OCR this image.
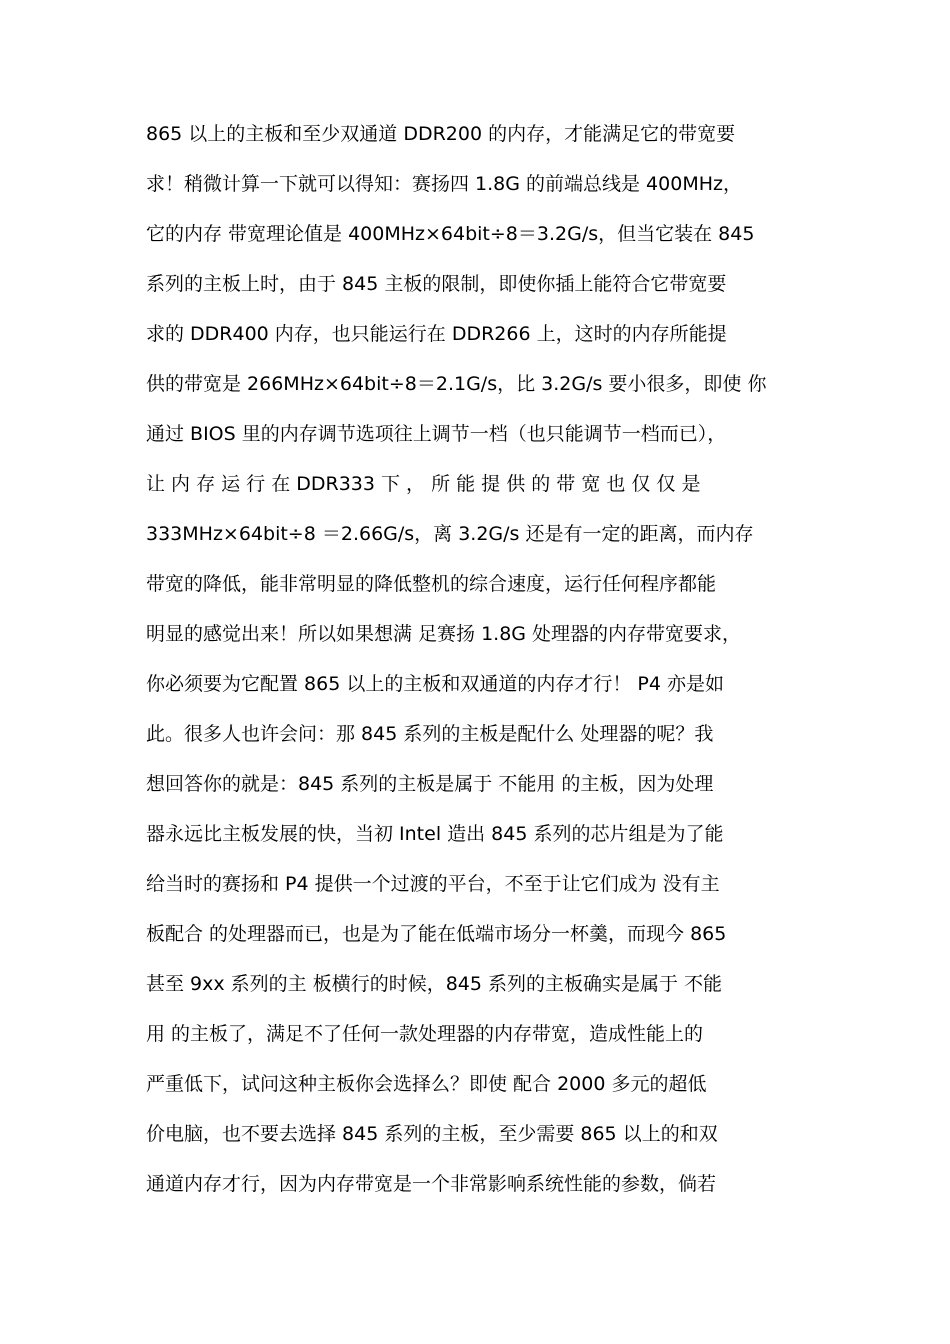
865 以上的主板和至少双通道 DDR200 的内存，才能满足它的带宽要
求！稍微计算一下就可以得知：赛扬四 1.8G 的前端总线是 400MHz，
它的内存 带宽理论值是 400MHz×64bit÷8＝3.2G/s，但当它装在 845
系列的主板上时，由于 845 主板的限制，即使你插上能符合它带宽要
求的 DDR400 内存，也只能运行在 DDR266 上，这时的内存所能提
供的带宽是 266MHz×64bit÷8＝2.1G/s，比 3.2G/s 要小很多，即使 你
通过 BIOS 里的内存调节选项往上调节一档（也只能调节一档而已），
让 内 存 运 行 在 DDR333 下 ， 所 能 提 供 的 带 宽 也 仅 仅 是
333MHz×64bit÷8 ＝2.66G/s，离 3.2G/s 还是有一定的距离，而内存
带宽的降低，能非常明显的降低整机的综合速度，运行任何程序都能
明显的感觉出来！所以如果想满 足赛扬 1.8G 处理器的内存带宽要求，
你必须要为它配置 865 以上的主板和双通道的内存才行！ P4 亦是如
此。很多人也许会问：那 845 系列的主板是配什么 处理器的呢？我
想回答你的就是：845 系列的主板是属于 不能用 的主板，因为处理
器永远比主板发展的快，当初 Intel 造出 845 系列的芯片组是为了能
给当时的赛扬和 P4 提供一个过渡的平台，不至于让它们成为 没有主
板配合 的处理器而已，也是为了能在低端市场分一杯羹，而现今 865
甚至 9xx 系列的主 板横行的时候，845 系列的主板确实是属于 不能
用 的主板了，满足不了任何一款处理器的内存带宽，造成性能上的
严重低下，试问这种主板你会选择么？即使 配合 2000 多元的超低
价电脑，也不要去选择 845 系列的主板，至少需要 865 以上的和双
通道内存才行，因为内存带宽是一个非常影响系统性能的参数，倘若
